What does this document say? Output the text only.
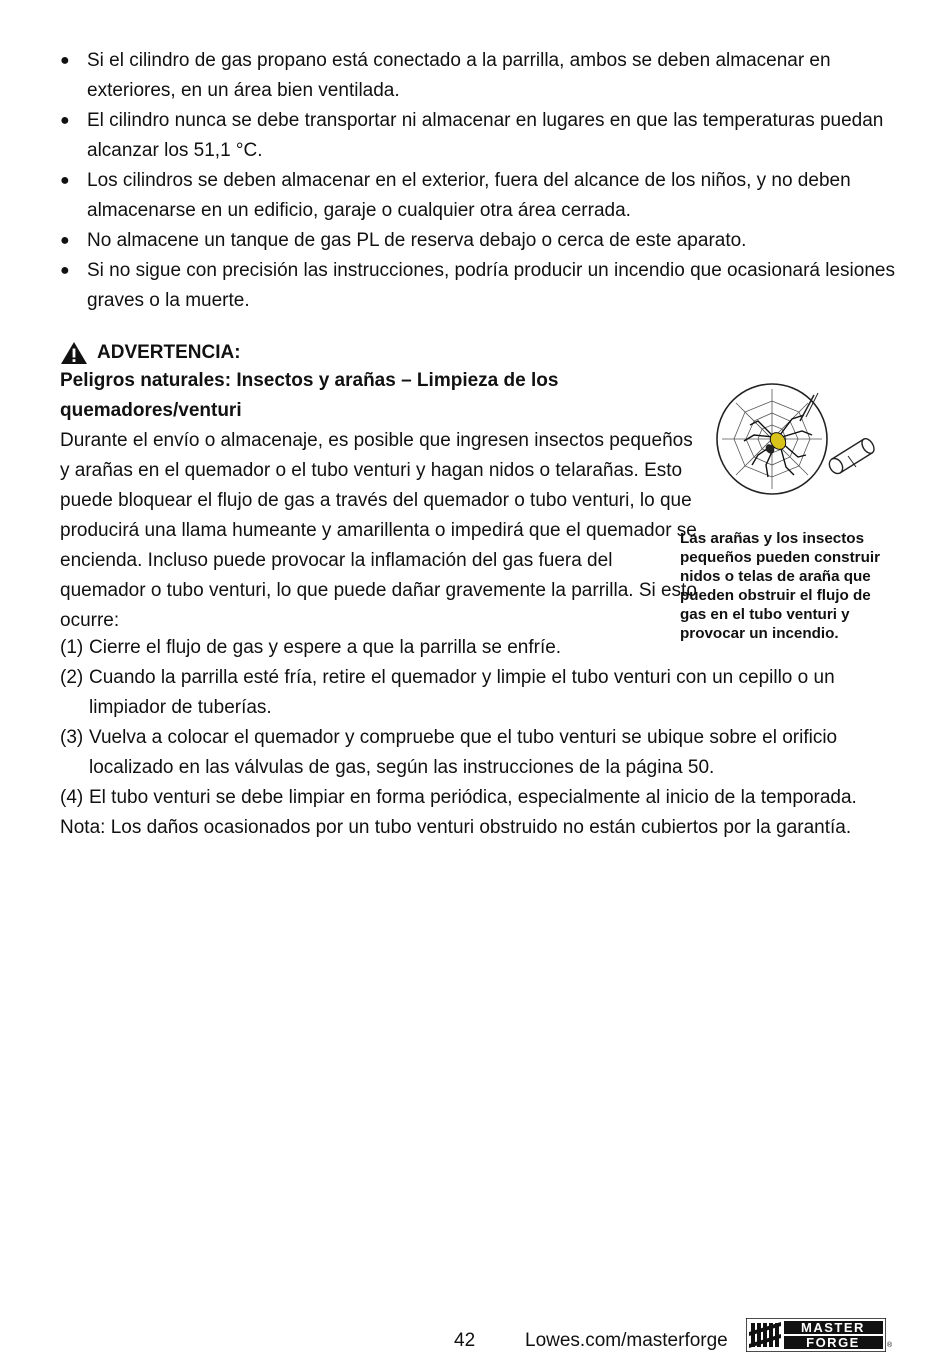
● Si el cilindro de gas propano está conectado a la parrilla, ambos se deben almacenar en exteriores, en un área bien ventilada.
● El cilindro nunca se debe transportar ni almacenar en lugares en que las temperaturas puedan alcanzar los 51,1 °C.
● Los cilindros se deben almacenar en el exterior, fuera del alcance de los niños, y no deben almacenarse en un edificio, garaje o cualquier otra área cerrada.
● No almacene un tanque de gas PL de reserva debajo o cerca de este aparato.
● Si no sigue con precisión las instrucciones, podría producir un incendio que ocasionará lesiones graves o la muerte.
ADVERTENCIA:

Peligros naturales: Insectos y arañas – Limpieza de los quemadores/venturi

Durante el envío o almacenaje, es posible que ingresen insectos pequeños y arañas en el quemador o el tubo venturi y hagan nidos o telarañas. Esto puede bloquear el flujo de gas a través del quemador o tubo venturi, lo que producirá una llama humeante y amarillenta o impedirá que el quemador se encienda. Incluso puede provocar la inflamación del gas fuera del quemador o tubo venturi, lo que puede dañar gravemente la parrilla. Si esto ocurre:

(1) Cierre el flujo de gas y espere a que la parrilla se enfríe.

(2) Cuando la parrilla esté fría, retire el quemador y limpie el tubo venturi con un cepillo o un limpiador de tuberías.

(3) Vuelva a colocar el quemador y compruebe que el tubo venturi se ubique sobre el orificio localizado en las válvulas de gas, según las instrucciones de la página 50.

(4) El tubo venturi se debe limpiar en forma periódica, especialmente al inicio de la temporada.

Nota: Los daños ocasionados por un tubo venturi obstruido no están cubiertos por la garantía.

Las arañas y los insectos pequeños pueden construir nidos o telas de araña que pueden obstruir el flujo de gas en el tubo venturi y provocar un incendio.
42	Lowes.com/masterforge
MASTER
FORGE	®
